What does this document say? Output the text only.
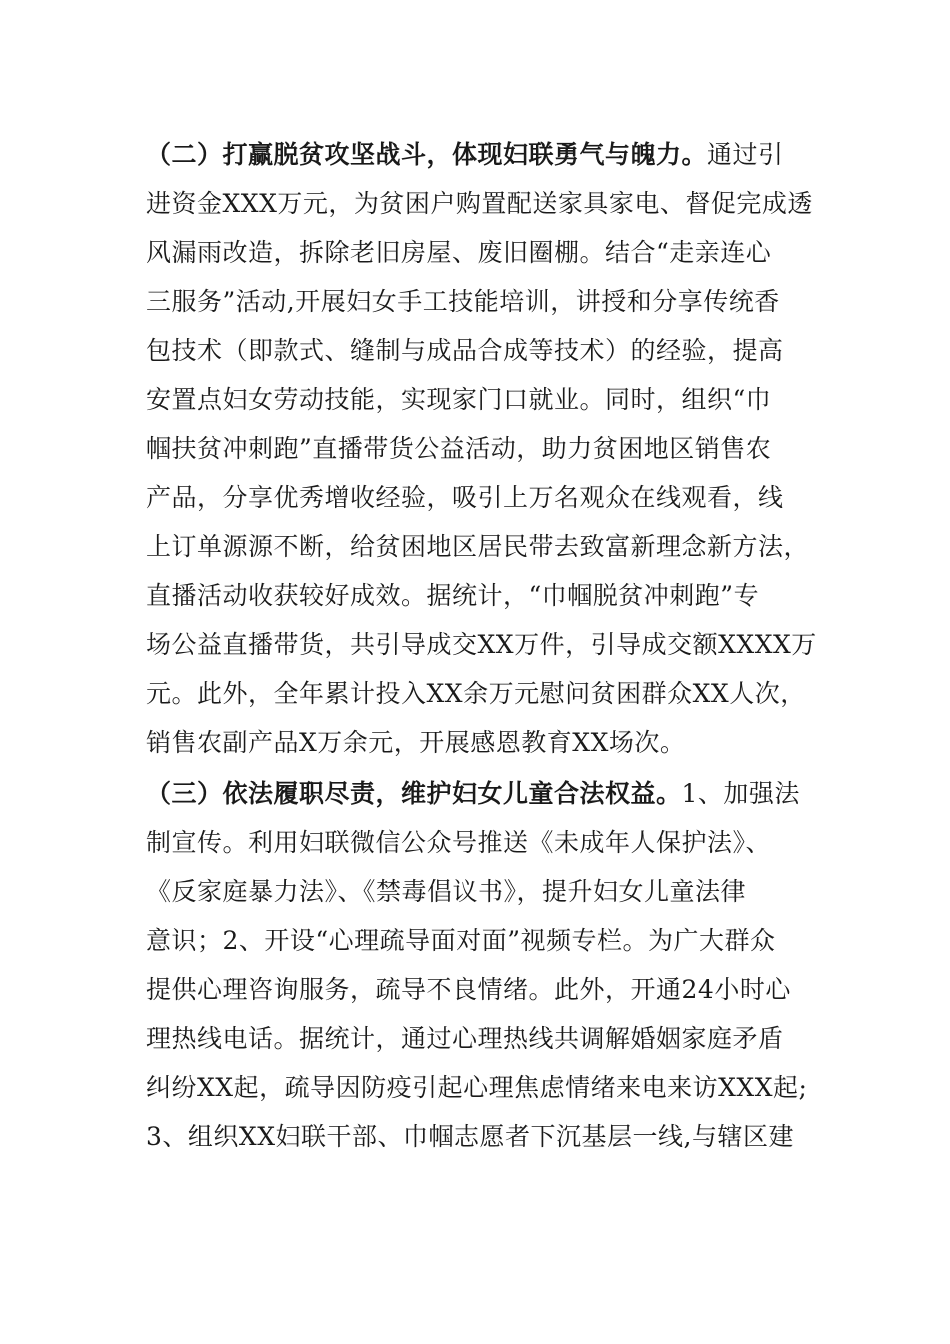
（二）打赢脱贫攻坚战斗，体现妇联勇气与魄力。通过引
进资金XXX万元，为贫困户购置配送家具家电、督促完成透
风漏雨改造，拆除老旧房屋、废旧圈棚。结合“走亲连心
三服务”活动,开展妇女手工技能培训，讲授和分享传统香
包技术（即款式、缝制与成品合成等技术）的经验，提高
安置点妇女劳动技能，实现家门口就业。同时，组织“巾
帼扶贫冲刺跑”直播带货公益活动，助力贫困地区销售农
产品，分享优秀增收经验，吸引上万名观众在线观看，线
上订单源源不断，给贫困地区居民带去致富新理念新方法，
直播活动收获较好成效。据统计，“巾帼脱贫冲刺跑”专
场公益直播带货，共引导成交XX万件，引导成交额XXXX万
元。此外，全年累计投入XX余万元慰问贫困群众XX人次，
销售农副产品X万余元，开展感恩教育XX场次。
（三）依法履职尽责，维护妇女儿童合法权益。1、加强法
制宣传。利用妇联微信公众号推送《未成年人保护法》、
《反家庭暴力法》、《禁毒倡议书》，提升妇女儿童法律
意识；2、开设“心理疏导面对面”视频专栏。为广大群众
提供心理咨询服务，疏导不良情绪。此外，开通24小时心
理热线电话。据统计，通过心理热线共调解婚姻家庭矛盾
纠纷XX起，疏导因防疫引起心理焦虑情绪来电来访XXX起;
3、组织XX妇联干部、巾帼志愿者下沉基层一线,与辖区建
